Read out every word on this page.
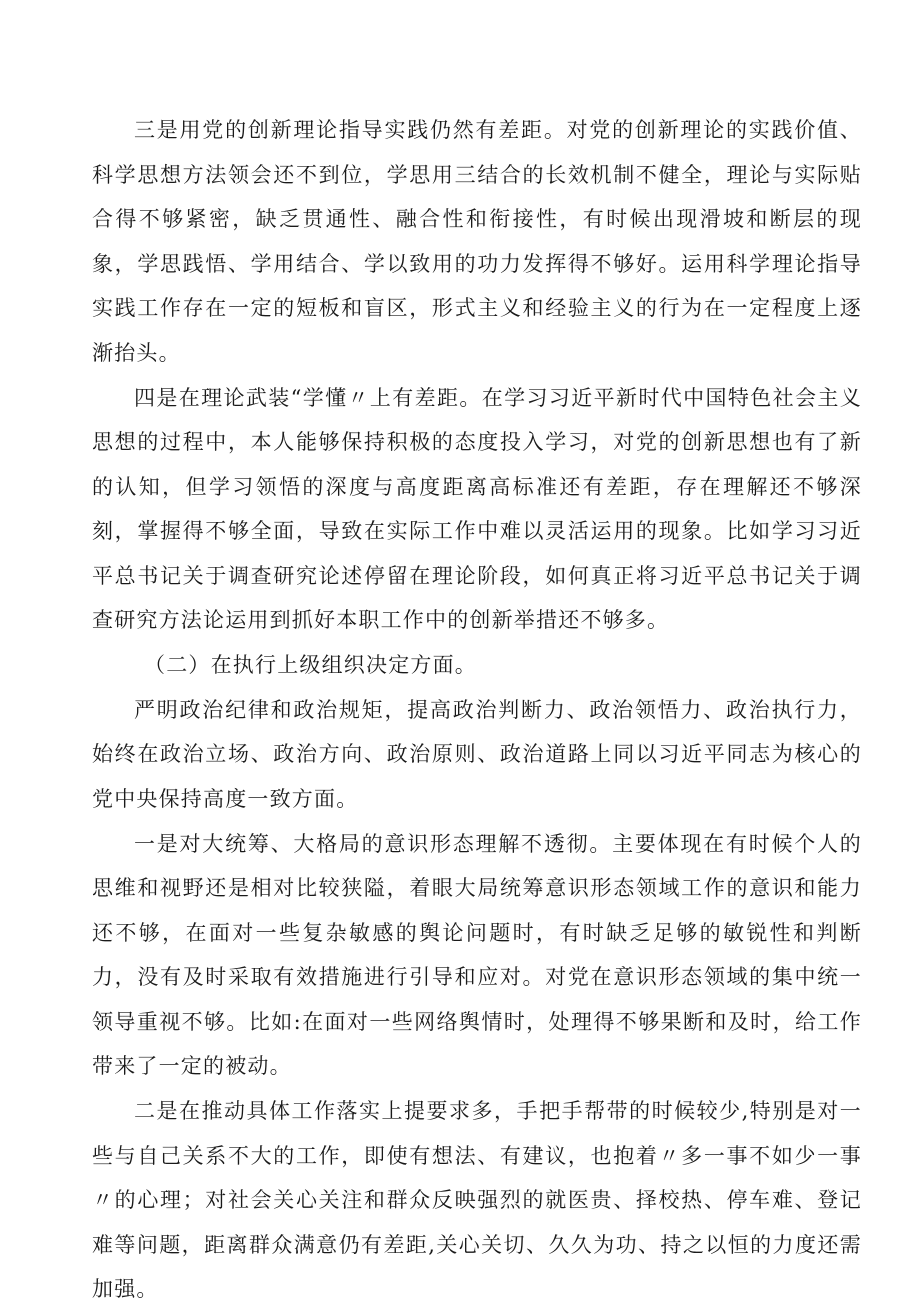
三是用党的创新理论指导实践仍然有差距。对党的创新理论的实践价值、科学思想方法领会还不到位，学思用三结合的长效机制不健全，理论与实际贴合得不够紧密，缺乏贯通性、融合性和衔接性，有时候出现滑坡和断层的现象，学思践悟、学用结合、学以致用的功力发挥得不够好。运用科学理论指导实践工作存在一定的短板和盲区，形式主义和经验主义的行为在一定程度上逐渐抬头。

四是在理论武装“学懂〃上有差距。在学习习近平新时代中国特色社会主义思想的过程中，本人能够保持积极的态度投入学习，对党的创新思想也有了新的认知，但学习领悟的深度与高度距离高标准还有差距，存在理解还不够深刻，掌握得不够全面，导致在实际工作中难以灵活运用的现象。比如学习习近平总书记关于调查研究论述停留在理论阶段，如何真正将习近平总书记关于调查研究方法论运用到抓好本职工作中的创新举措还不够多。

（二）在执行上级组织决定方面。

严明政治纪律和政治规矩，提高政治判断力、政治领悟力、政治执行力，始终在政治立场、政治方向、政治原则、政治道路上同以习近平同志为核心的党中央保持高度一致方面。

一是对大统筹、大格局的意识形态理解不透彻。主要体现在有时候个人的思维和视野还是相对比较狭隘，着眼大局统筹意识形态领域工作的意识和能力还不够，在面对一些复杂敏感的舆论问题时，有时缺乏足够的敏锐性和判断力，没有及时采取有效措施进行引导和应对。对党在意识形态领域的集中统一领导重视不够。比如:在面对一些网络舆情时，处理得不够果断和及时，给工作带来了一定的被动。

二是在推动具体工作落实上提要求多，手把手帮带的时候较少,特别是对一些与自己关系不大的工作，即使有想法、有建议，也抱着〃多一事不如少一事〃的心理；对社会关心关注和群众反映强烈的就医贵、择校热、停车难、登记难等问题，距离群众满意仍有差距,关心关切、久久为功、持之以恒的力度还需加强。
